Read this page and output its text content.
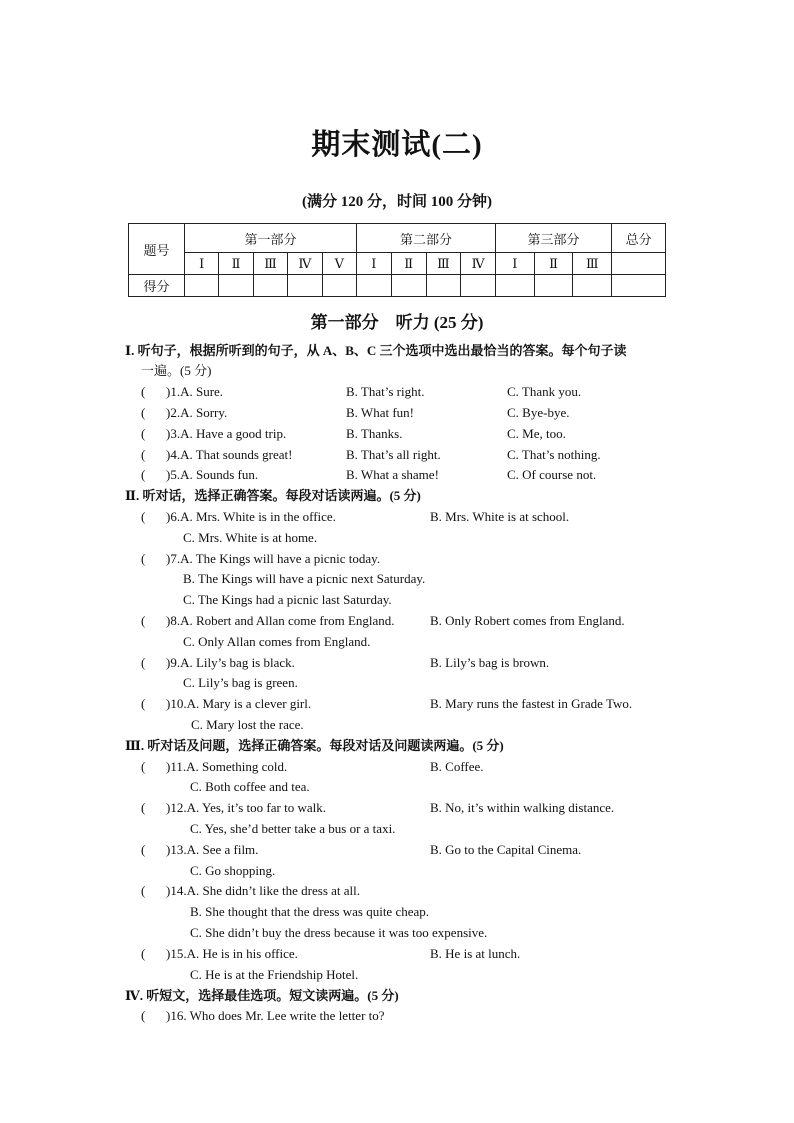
期末测试(二)
(满分 120 分，时间 100 分钟)
题号	第一部分					第二部分				第三部分			总分
	Ⅰ	Ⅱ	Ⅲ	Ⅳ	Ⅴ	Ⅰ	Ⅱ	Ⅲ	Ⅳ	Ⅰ	Ⅱ	Ⅲ	
得分													
第一部分　听力 (25 分)
Ⅰ. 听句子，根据所听到的句子，从 A、B、C 三个选项中选出最恰当的答案。每个句子读
一遍。(5 分)
( )1.A. Sure.	B. That’s right.	C. Thank you.
( )2.A. Sorry.	B. What fun!	C. Bye-bye.
( )3.A. Have a good trip.	B. Thanks.	C. Me, too.
( )4.A. That sounds great!	B. That’s all right.	C. That’s nothing.
( )5.A. Sounds fun.	B. What a shame!	C. Of course not.
Ⅱ. 听对话，选择正确答案。每段对话读两遍。(5 分)
( )6.A. Mrs. White is in the office.	B. Mrs. White is at school.
C. Mrs. White is at home.
( )7.A. The Kings will have a picnic today.
B. The Kings will have a picnic next Saturday.
C. The Kings had a picnic last Saturday.
( )8.A. Robert and Allan come from England.	B. Only Robert comes from England.
C. Only Allan comes from England.
( )9.A. Lily’s bag is black.	B. Lily’s bag is brown.
C. Lily’s bag is green.
( )10.A. Mary is a clever girl.	B. Mary runs the fastest in Grade Two.
C. Mary lost the race.
Ⅲ. 听对话及问题，选择正确答案。每段对话及问题读两遍。(5 分)
( )11.A. Something cold.	B. Coffee.
C. Both coffee and tea.
( )12.A. Yes, it’s too far to walk.	B. No, it’s within walking distance.
C. Yes, she’d better take a bus or a taxi.
( )13.A. See a film.	B. Go to the Capital Cinema.
C. Go shopping.
( )14.A. She didn’t like the dress at all.
B. She thought that the dress was quite cheap.
C. She didn’t buy the dress because it was too expensive.
( )15.A. He is in his office.	B. He is at lunch.
C. He is at the Friendship Hotel.
Ⅳ. 听短文，选择最佳选项。短文读两遍。(5 分)
( )16. Who does Mr. Lee write the letter to?
